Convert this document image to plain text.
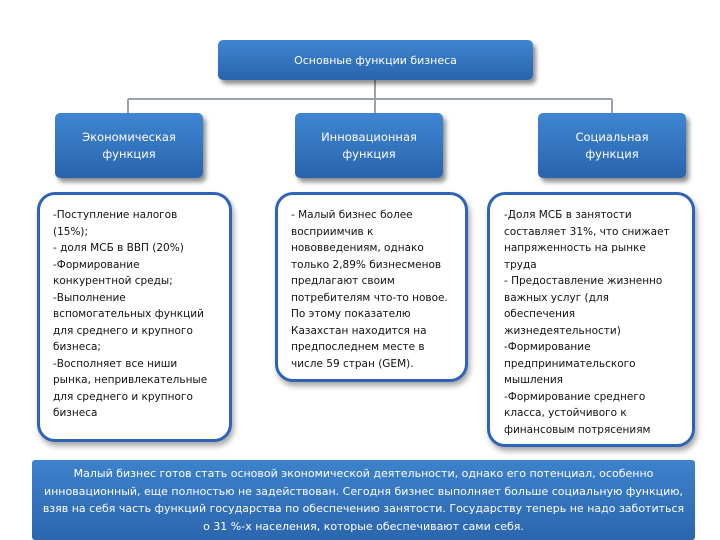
Основные функции бизнеса
Экономическая
функция
Инновационная
функция
Социальная
функция
-Поступление налогов
(15%);
- доля МСБ в ВВП (20%)
-Формирование
конкурентной среды;
-Выполнение
вспомогательных функций
для среднего и крупного
бизнеса;
-Восполняет все ниши
рынка, непривлекательные
для среднего и крупного
бизнеса
- Малый бизнес более
восприимчив к
нововведениям, однако
только 2,89% бизнесменов
предлагают своим
потребителям что-то новое.
По этому показателю
Казахстан находится на
предпоследнем месте в
числе 59 стран (GEM).
-Доля МСБ в занятости
составляет 31%, что снижает
напряженность на рынке
труда
- Предоставление жизненно
важных услуг (для
обеспечения
жизнедеятельности)
-Формирование
предпринимательского
мышления
-Формирование среднего
класса, устойчивого к
финансовым потрясениям
Малый бизнес готов стать основой экономической деятельности, однако его потенциал, особенно инновационный, еще полностью не задействован. Сегодня бизнес выполняет больше социальную функцию, взяв на себя часть функций государства по обеспечению занятости. Государству теперь не надо заботиться о 31 %-х населения, которые обеспечивают сами себя.
